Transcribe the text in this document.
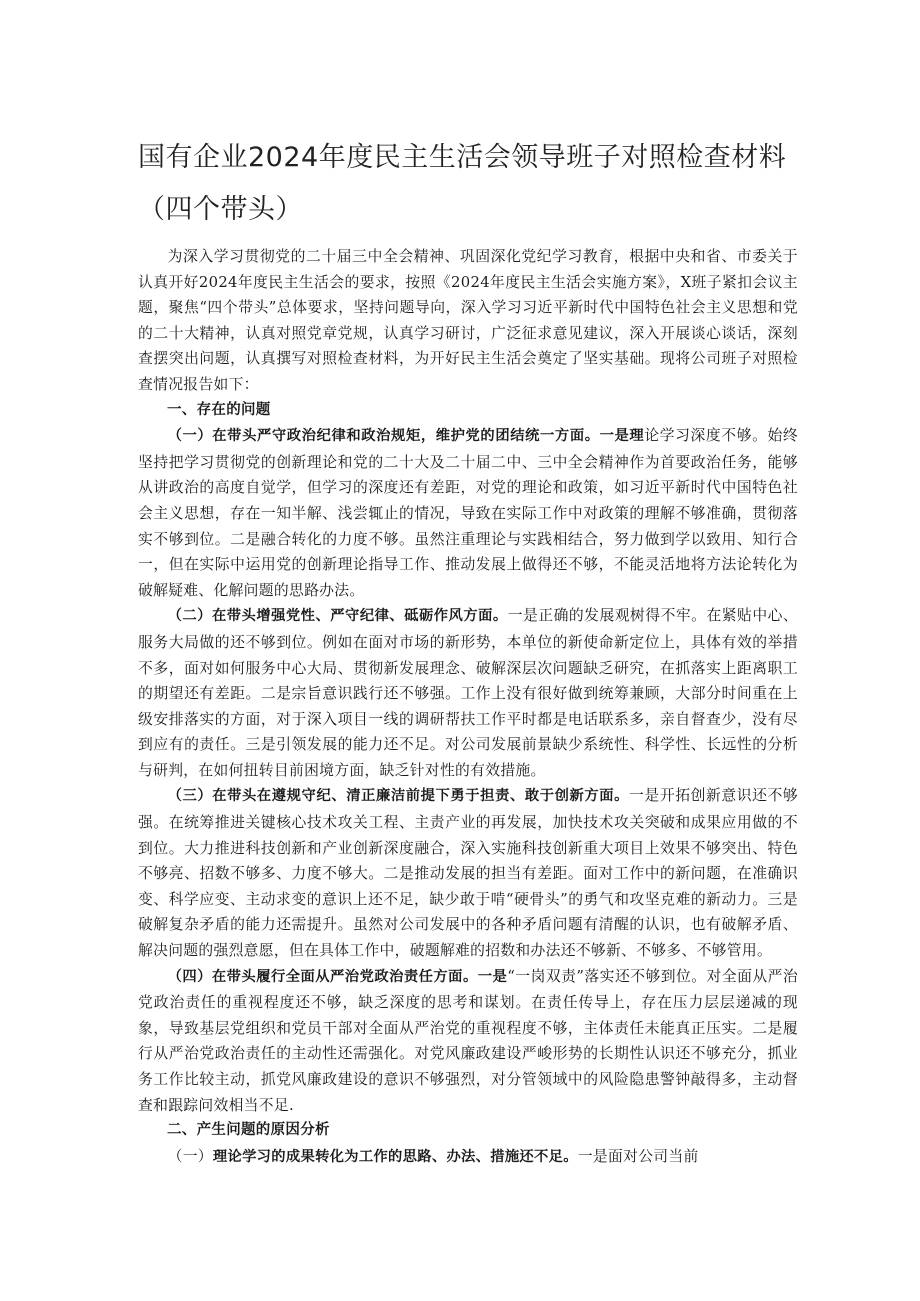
国有企业2024年度民主生活会领导班子对照检查材料（四个带头）

为深入学习贯彻党的二十届三中全会精神、巩固深化党纪学习教育，根据中央和省、市委关于认真开好2024年度民主生活会的要求，按照《2024年度民主生活会实施方案》，X班子紧扣会议主题，聚焦“四个带头”总体要求，坚持问题导向，深入学习习近平新时代中国特色社会主义思想和党的二十大精神，认真对照党章党规，认真学习研讨，广泛征求意见建议，深入开展谈心谈话，深刻查摆突出问题，认真撰写对照检查材料，为开好民主生活会奠定了坚实基础。现将公司班子对照检查情况报告如下：

一、存在的问题

（一）在带头严守政治纪律和政治规矩，维护党的团结统一方面。一是理论学习深度不够。始终坚持把学习贯彻党的创新理论和党的二十大及二十届二中、三中全会精神作为首要政治任务，能够从讲政治的高度自觉学，但学习的深度还有差距，对党的理论和政策，如习近平新时代中国特色社会主义思想，存在一知半解、浅尝辄止的情况，导致在实际工作中对政策的理解不够准确，贯彻落实不够到位。二是融合转化的力度不够。虽然注重理论与实践相结合，努力做到学以致用、知行合一，但在实际中运用党的创新理论指导工作、推动发展上做得还不够，不能灵活地将方法论转化为破解疑难、化解问题的思路办法。

（二）在带头增强党性、严守纪律、砥砺作风方面。一是正确的发展观树得不牢。在紧贴中心、服务大局做的还不够到位。例如在面对市场的新形势，本单位的新使命新定位上，具体有效的举措不多，面对如何服务中心大局、贯彻新发展理念、破解深层次问题缺乏研究，在抓落实上距离职工的期望还有差距。二是宗旨意识践行还不够强。工作上没有很好做到统筹兼顾，大部分时间重在上级安排落实的方面，对于深入项目一线的调研帮扶工作平时都是电话联系多，亲自督查少，没有尽到应有的责任。三是引领发展的能力还不足。对公司发展前景缺少系统性、科学性、长远性的分析与研判，在如何扭转目前困境方面，缺乏针对性的有效措施。

（三）在带头在遵规守纪、清正廉洁前提下勇于担责、敢于创新方面。一是开拓创新意识还不够强。在统筹推进关键核心技术攻关工程、主责产业的再发展，加快技术攻关突破和成果应用做的不到位。大力推进科技创新和产业创新深度融合，深入实施科技创新重大项目上效果不够突出、特色不够亮、招数不够多、力度不够大。二是推动发展的担当有差距。面对工作中的新问题，在准确识变、科学应变、主动求变的意识上还不足，缺少敢于啃“硬骨头”的勇气和攻坚克难的新动力。三是破解复杂矛盾的能力还需提升。虽然对公司发展中的各种矛盾问题有清醒的认识，也有破解矛盾、解决问题的强烈意愿，但在具体工作中，破题解难的招数和办法还不够新、不够多、不够管用。

（四）在带头履行全面从严治党政治责任方面。一是“一岗双责”落实还不够到位。对全面从严治党政治责任的重视程度还不够，缺乏深度的思考和谋划。在责任传导上，存在压力层层递减的现象，导致基层党组织和党员干部对全面从严治党的重视程度不够，主体责任未能真正压实。二是履行从严治党政治责任的主动性还需强化。对党风廉政建设严峻形势的长期性认识还不够充分，抓业务工作比较主动，抓党风廉政建设的意识不够强烈，对分管领域中的风险隐患警钟敲得多，主动督查和跟踪问效相当不足.

二、产生问题的原因分析

（一）理论学习的成果转化为工作的思路、办法、措施还不足。一是面对公司当前
